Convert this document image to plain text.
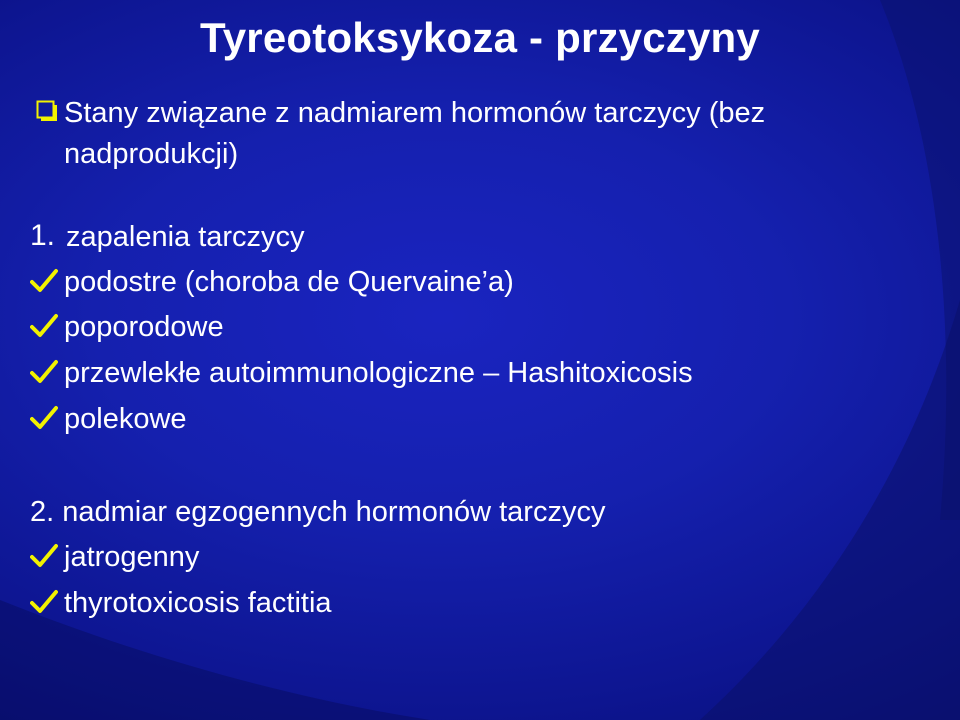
Tyreotoksykoza - przyczyny
Stany związane z nadmiarem hormonów tarczycy (bez
nadprodukcji)
1. zapalenia tarczycy
podostre (choroba de Quervaine’a)
poporodowe
przewlekłe autoimmunologiczne – Hashitoxicosis
polekowe
2. nadmiar egzogennych hormonów tarczycy
jatrogenny
thyrotoxicosis factitia
